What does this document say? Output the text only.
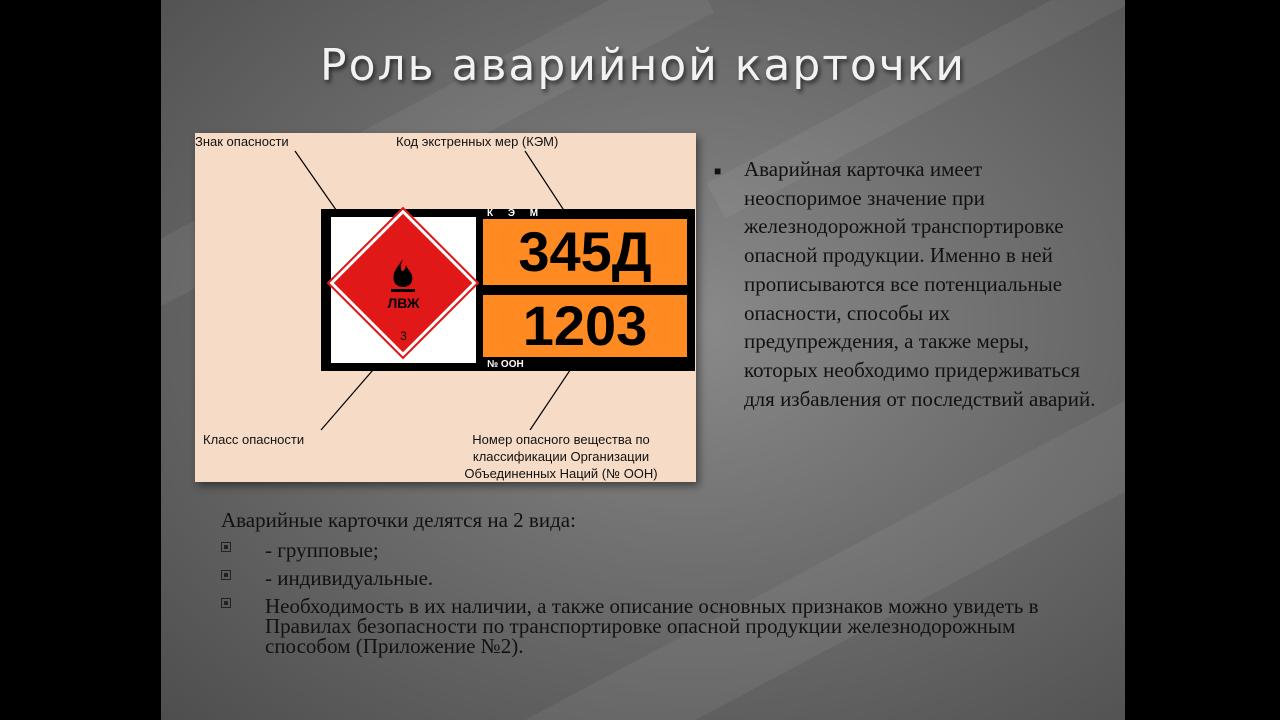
Роль аварийной карточки
Знак опасности	Код экстренных мер (КЭМ)
Класс опасности	Номер опасного вещества по классификации Организации Объединенных Наций (№ ООН)
ЛВЖ
3
К Э М
345Д
1203
№ ООН
■ Аварийная карточка имеет неоспоримое значение при железнодорожной транспортировке опасной продукции. Именно в ней прописываются все потенциальные опасности, способы их предупреждения, а также меры, которых необходимо придерживаться для избавления от последствий аварий.
Аварийные карточки делятся на 2 вида:
- групповые;
- индивидуальные.
Необходимость в их наличии, а также описание основных признаков можно увидеть в Правилах безопасности по транспортировке опасной продукции железнодорожным способом (Приложение №2).
